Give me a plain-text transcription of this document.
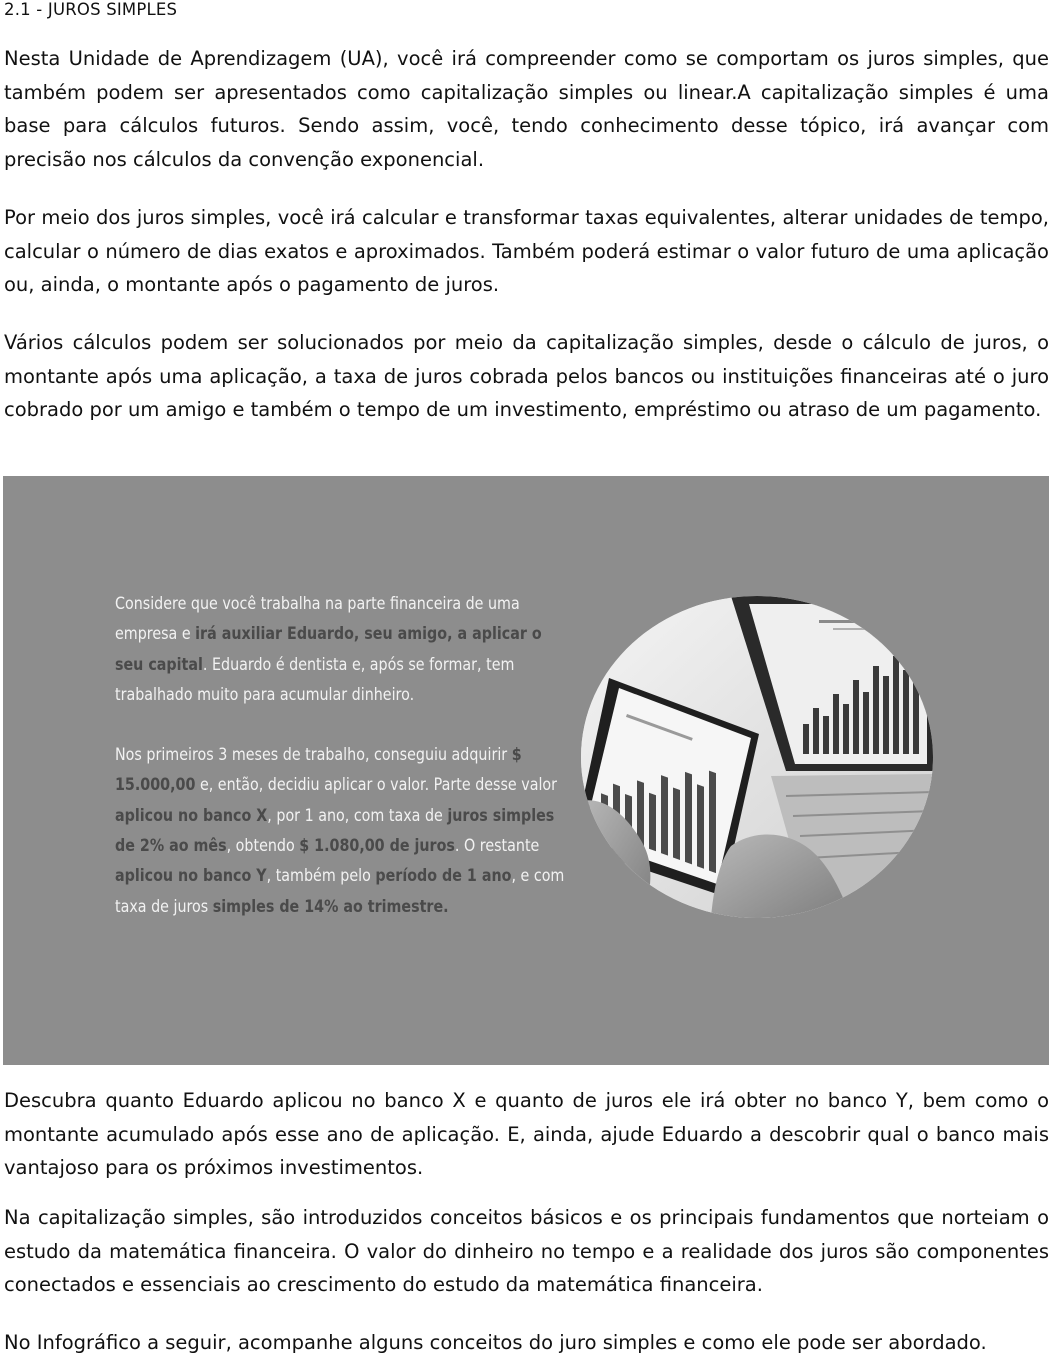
2.1 - JUROS SIMPLES

Nesta Unidade de Aprendizagem (UA), você irá compreender como se comportam os juros simples, que também podem ser apresentados como capitalização simples ou linear.A capitalização simples é uma base para cálculos futuros. Sendo assim, você, tendo conhecimento desse tópico, irá avançar com precisão nos cálculos da convenção exponencial.

Por meio dos juros simples, você irá calcular e transformar taxas equivalentes, alterar unidades de tempo, calcular o número de dias exatos e aproximados. Também poderá estimar o valor futuro de uma aplicação ou, ainda, o montante após o pagamento de juros.

Vários cálculos podem ser solucionados por meio da capitalização simples, desde o cálculo de juros, o montante após uma aplicação, a taxa de juros cobrada pelos bancos ou instituições financeiras até o juro cobrado por um amigo e também o tempo de um investimento, empréstimo ou atraso de um pagamento.

Considere que você trabalha na parte financeira de uma empresa e irá auxiliar Eduardo, seu amigo, a aplicar o seu capital. Eduardo é dentista e, após se formar, tem trabalhado muito para acumular dinheiro.

Nos primeiros 3 meses de trabalho, conseguiu adquirir $ 15.000,00 e, então, decidiu aplicar o valor. Parte desse valor aplicou no banco X, por 1 ano, com taxa de juros simples de 2% ao mês, obtendo $ 1.080,00 de juros. O restante aplicou no banco Y, também pelo período de 1 ano, e com taxa de juros simples de 14% ao trimestre.

Descubra quanto Eduardo aplicou no banco X e quanto de juros ele irá obter no banco Y, bem como o montante acumulado após esse ano de aplicação. E, ainda, ajude Eduardo a descobrir qual o banco mais vantajoso para os próximos investimentos.

Na capitalização simples, são introduzidos conceitos básicos e os principais fundamentos que norteiam o estudo da matemática financeira. O valor do dinheiro no tempo e a realidade dos juros são componentes conectados e essenciais ao crescimento do estudo da matemática financeira.

No Infográfico a seguir, acompanhe alguns conceitos do juro simples e como ele pode ser abordado.
